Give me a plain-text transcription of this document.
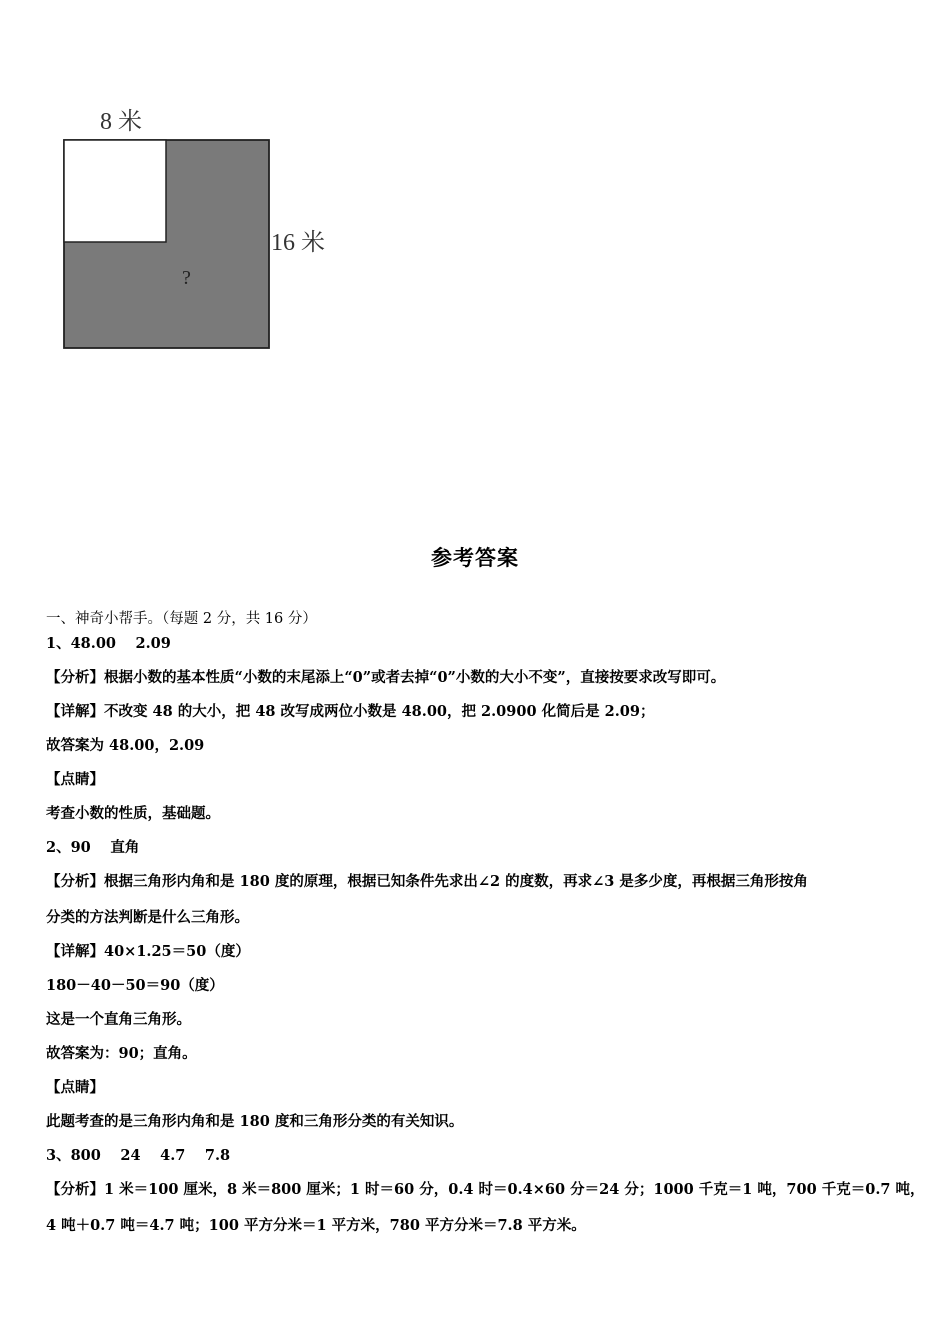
8 米
16 米
?
参考答案
一、神奇小帮手。（每题 2 分，共 16 分）
1、48.00　 2.09
【分析】根据小数的基本性质“小数的末尾添上“0”或者去掉“0”小数的大小不变”，直接按要求改写即可。
【详解】不改变 48 的大小，把 48 改写成两位小数是 48.00，把 2.0900 化简后是 2.09；
故答案为 48.00，2.09
【点睛】
考查小数的性质，基础题。
2、90　 直角
【分析】根据三角形内角和是 180 度的原理，根据已知条件先求出∠2 的度数，再求∠3 是多少度，再根据三角形按角
分类的方法判断是什么三角形。
【详解】40×1.25＝50（度）
180－40－50＝90（度）
这是一个直角三角形。
故答案为：90；直角。
【点睛】
此题考查的是三角形内角和是 180 度和三角形分类的有关知识。
3、800　 24　 4.7　 7.8
【分析】1 米＝100 厘米，8 米＝800 厘米；1 时＝60 分，0.4 时＝0.4×60 分＝24 分；1000 千克＝1 吨，700 千克＝0.7 吨，
4 吨＋0.7 吨＝4.7 吨；100 平方分米＝1 平方米，780 平方分米＝7.8 平方米。
